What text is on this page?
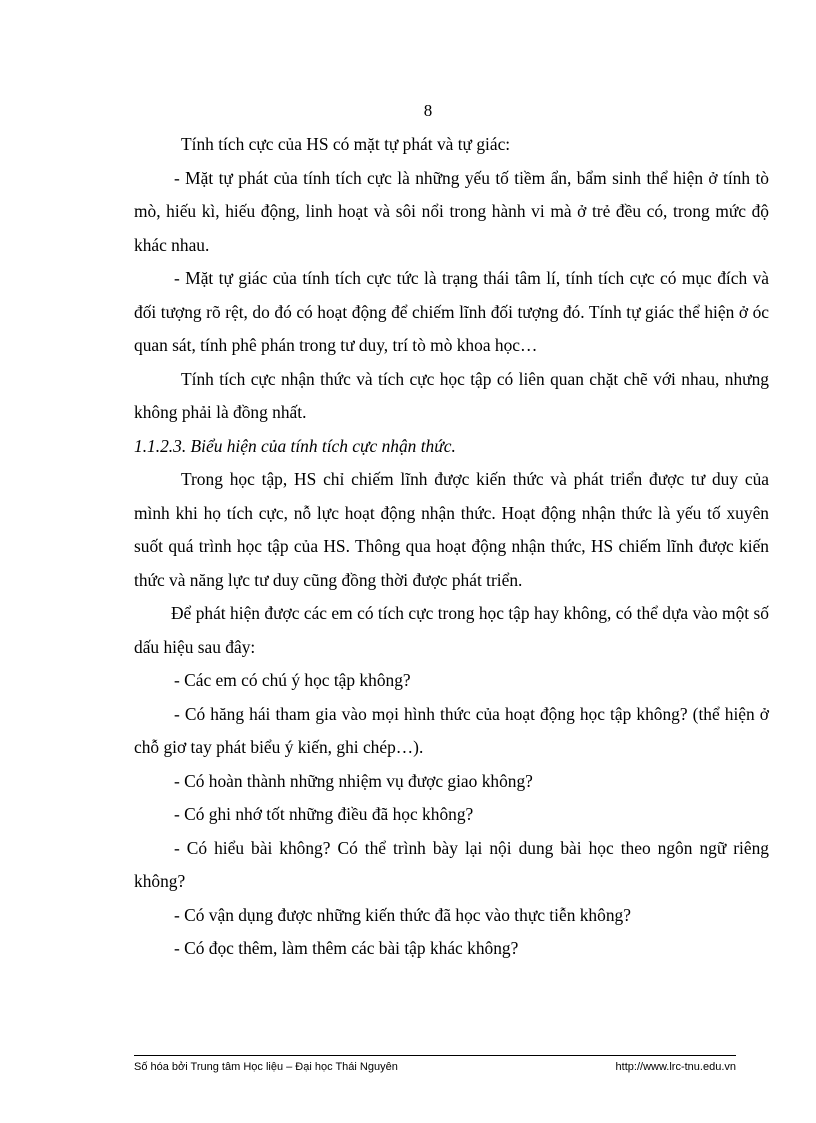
8

Tính tích cực của HS có mặt tự phát và tự giác:

- Mặt tự phát của tính tích cực là những yếu tố tiềm ẩn, bẩm sinh thể hiện ở tính tò mò, hiếu kì, hiếu động, linh hoạt và sôi nổi trong hành vi mà ở trẻ đều có, trong mức độ khác nhau.

- Mặt tự giác của tính tích cực tức là trạng thái tâm lí, tính tích cực có mục đích và đối tượng rõ rệt, do đó có hoạt động để chiếm lĩnh đối tượng đó. Tính tự giác thể hiện ở óc quan sát, tính phê phán trong tư duy, trí tò mò khoa học…

Tính tích cực nhận thức và tích cực học tập có liên quan chặt chẽ với nhau, nhưng không phải là đồng nhất.

1.1.2.3. Biểu hiện của tính tích cực nhận thức.

Trong học tập, HS chỉ chiếm lĩnh được kiến thức và phát triển được tư duy của mình khi họ tích cực, nỗ lực hoạt động nhận thức. Hoạt động nhận thức là yếu tố xuyên suốt quá trình học tập của HS. Thông qua hoạt động nhận thức, HS chiếm lĩnh được kiến thức và năng lực tư duy cũng đồng thời được phát triển.

Để phát hiện được các em có tích cực trong học tập hay không, có thể dựa vào một số dấu hiệu sau đây:

- Các em có chú ý học tập không?

- Có hăng hái tham gia vào mọi hình thức của hoạt động học tập không? (thể hiện ở chỗ giơ tay phát biểu ý kiến, ghi chép…).

- Có hoàn thành những nhiệm vụ được giao không?

- Có ghi nhớ tốt những điều đã học không?

- Có hiểu bài không? Có thể trình bày lại nội dung bài học theo ngôn ngữ riêng không?

- Có vận dụng được những kiến thức đã học vào thực tiễn không?

- Có đọc thêm, làm thêm các bài tập khác không?

Số hóa bởi Trung tâm Học liệu – Đại học Thái Nguyên	http://www.lrc-tnu.edu.vn
